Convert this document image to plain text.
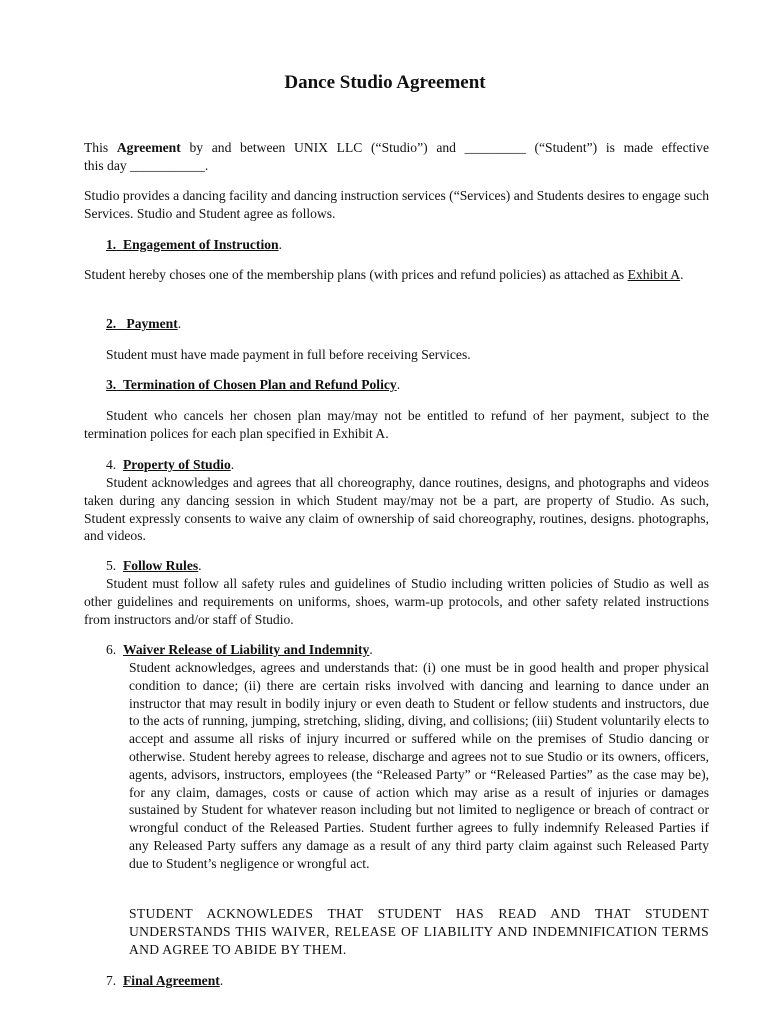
Dance Studio Agreement
This Agreement by and between UNIX LLC (“Studio”) and _________ (“Student”) is made effective
this day ___________.
Studio provides a dancing facility and dancing instruction services (“Services) and Students desires to engage such Services. Studio and Student agree as follows.
1. Engagement of Instruction.
Student hereby choses one of the membership plans (with prices and refund policies) as attached as Exhibit A.
2. Payment.
Student must have made payment in full before receiving Services.
3. Termination of Chosen Plan and Refund Policy.
Student who cancels her chosen plan may/may not be entitled to refund of her payment, subject to the termination polices for each plan specified in Exhibit A.
4. Property of Studio.
Student acknowledges and agrees that all choreography, dance routines, designs, and photographs and videos taken during any dancing session in which Student may/may not be a part, are property of Studio. As such, Student expressly consents to waive any claim of ownership of said choreography, routines, designs. photographs, and videos.
5. Follow Rules.
Student must follow all safety rules and guidelines of Studio including written policies of Studio as well as other guidelines and requirements on uniforms, shoes, warm-up protocols, and other safety related instructions from instructors and/or staff of Studio.
6. Waiver Release of Liability and Indemnity.
Student acknowledges, agrees and understands that: (i) one must be in good health and proper physical condition to dance; (ii) there are certain risks involved with dancing and learning to dance under an instructor that may result in bodily injury or even death to Student or fellow students and instructors, due to the acts of running, jumping, stretching, sliding, diving, and collisions; (iii) Student voluntarily elects to accept and assume all risks of injury incurred or suffered while on the premises of Studio dancing or otherwise. Student hereby agrees to release, discharge and agrees not to sue Studio or its owners, officers, agents, advisors, instructors, employees (the “Released Party” or “Released Parties” as the case may be), for any claim, damages, costs or cause of action which may arise as a result of injuries or damages sustained by Student for whatever reason including but not limited to negligence or breach of contract or wrongful conduct of the Released Parties. Student further agrees to fully indemnify Released Parties if any Released Party suffers any damage as a result of any third party claim against such Released Party due to Student’s negligence or wrongful act.
STUDENT ACKNOWLEDES THAT STUDENT HAS READ AND THAT STUDENT UNDERSTANDS THIS WAIVER, RELEASE OF LIABILITY AND INDEMNIFICATION TERMS AND AGREE TO ABIDE BY THEM.
7. Final Agreement.
